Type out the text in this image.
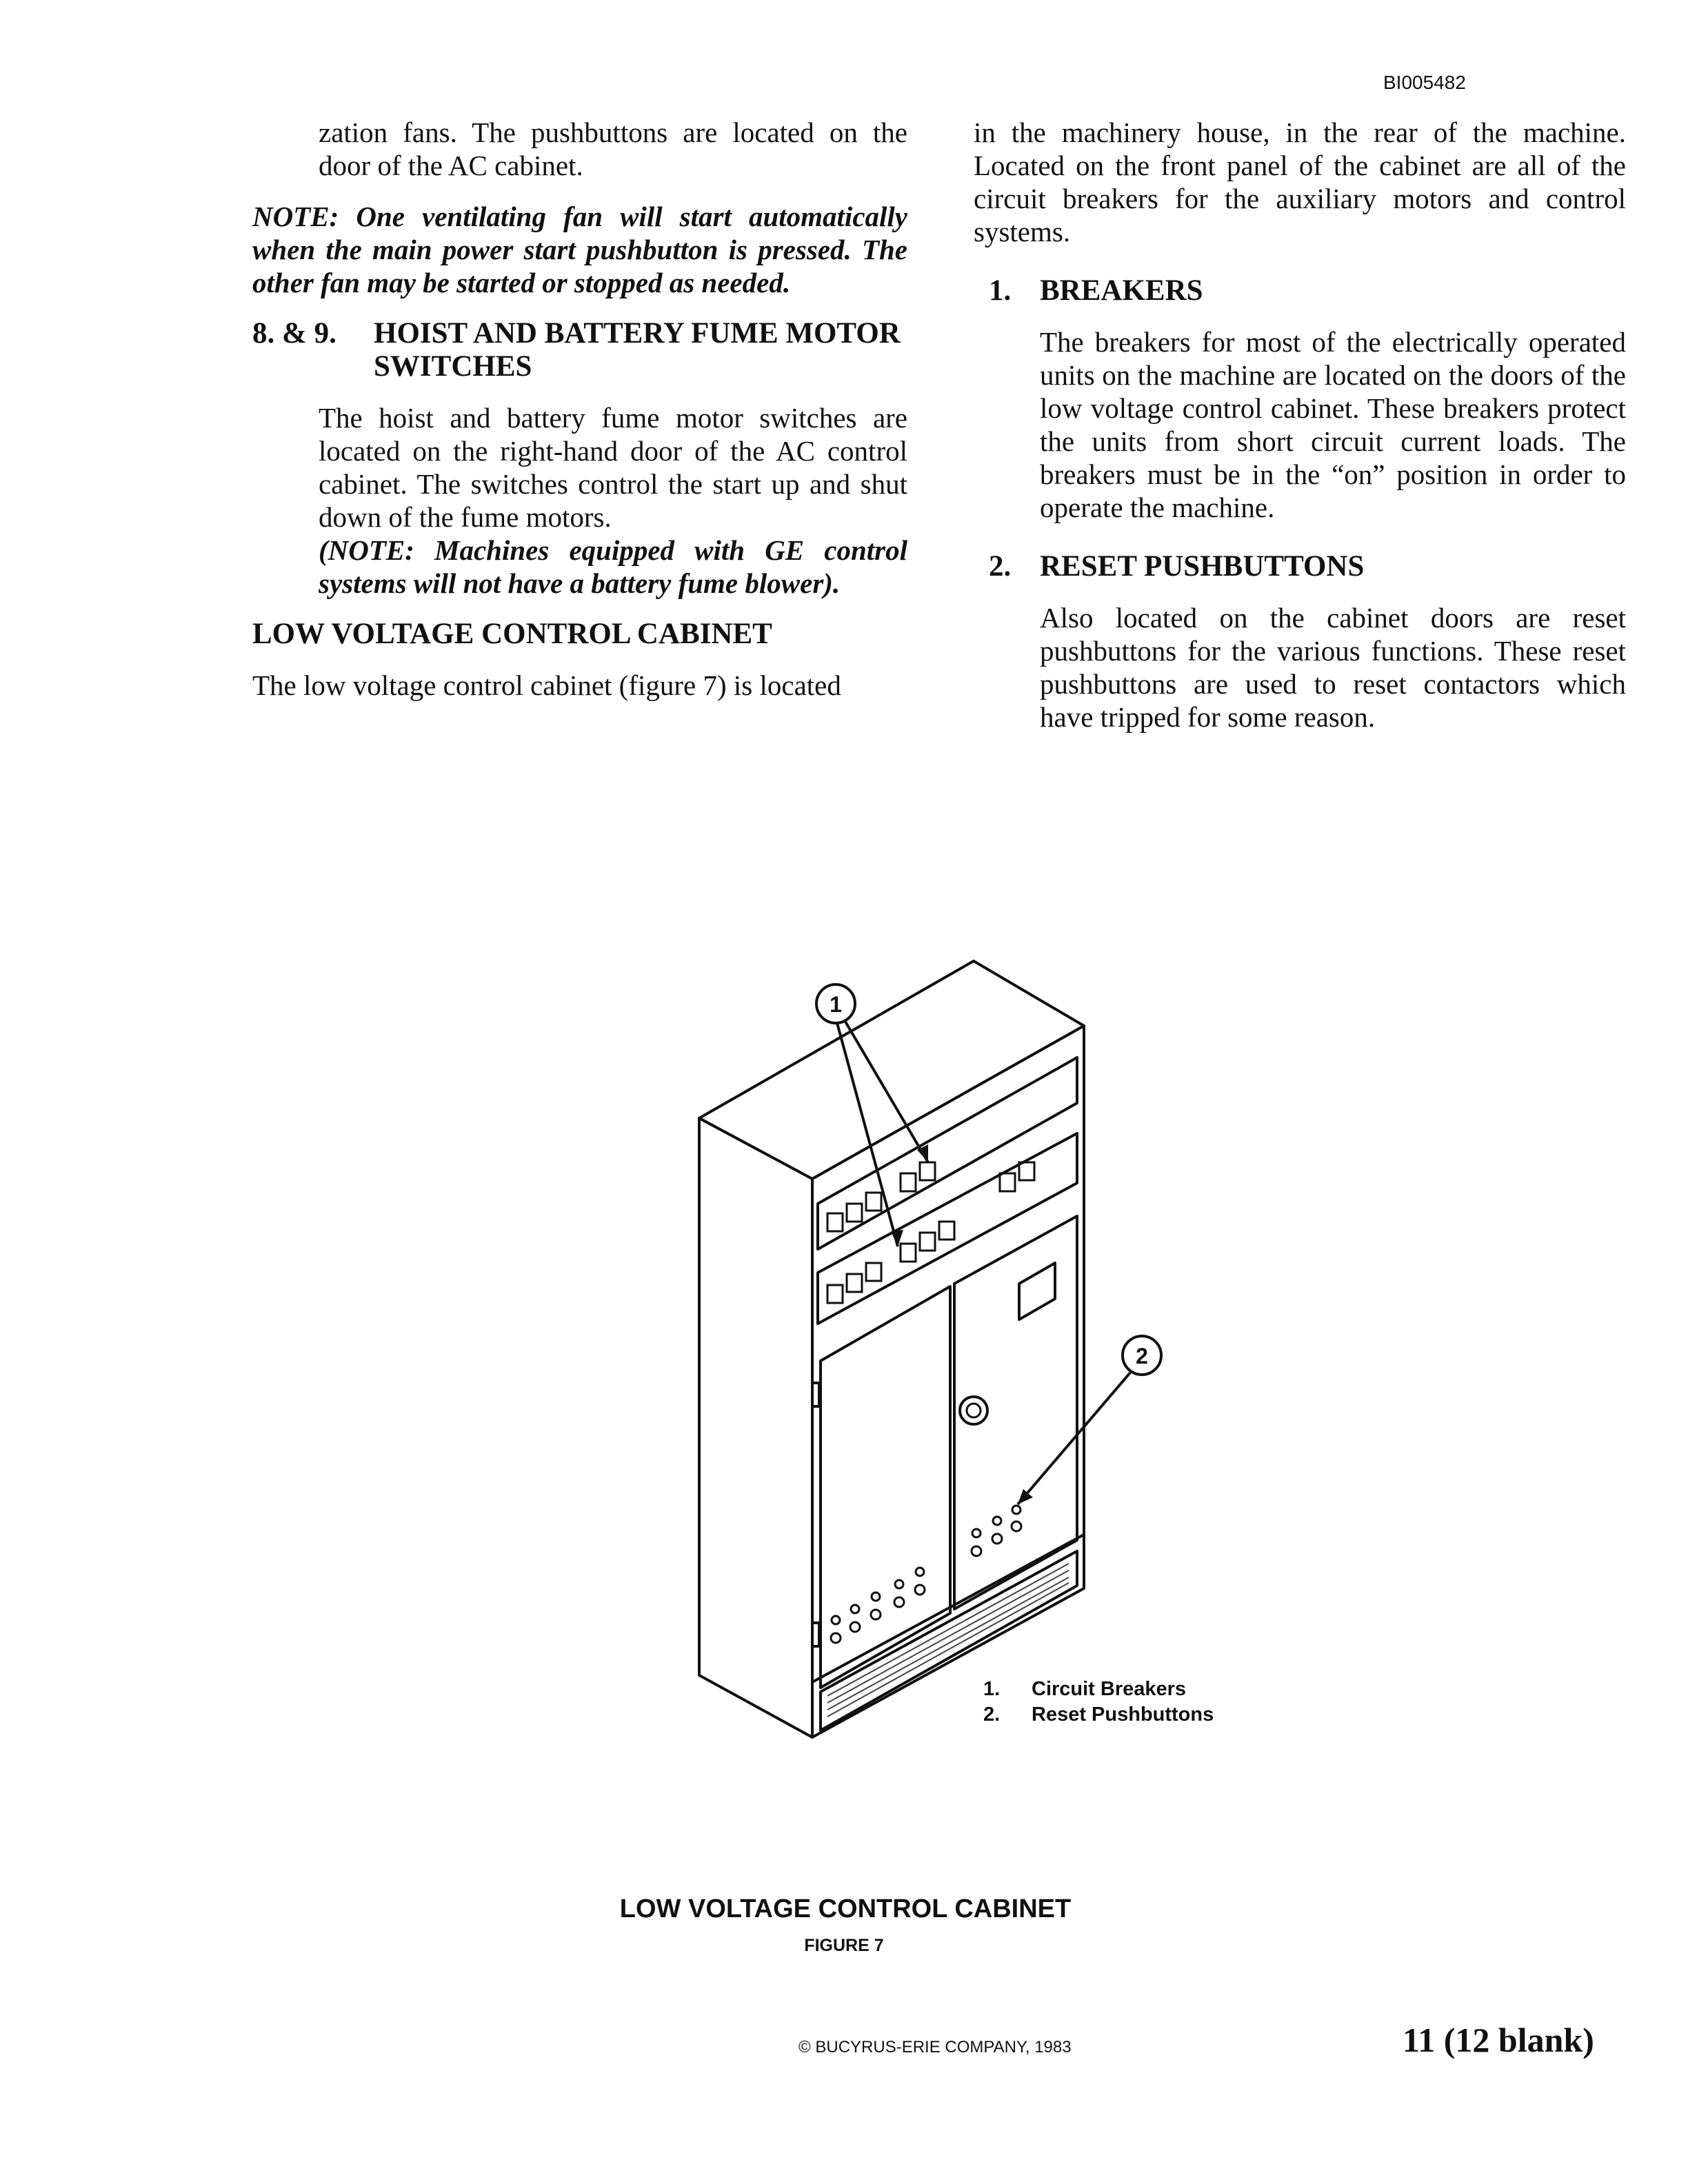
BI005482

zation fans. The pushbuttons are located on the door of the AC cabinet.

NOTE: One ventilating fan will start automatically when the main power start pushbutton is pressed. The other fan may be started or stopped as needed.

8. & 9.	HOIST AND BATTERY FUME MOTOR SWITCHES

The hoist and battery fume motor switches are located on the right-hand door of the AC control cabinet. The switches control the start up and shut down of the fume motors.

(NOTE: Machines equipped with GE control systems will not have a battery fume blower).

LOW VOLTAGE CONTROL CABINET

The low voltage control cabinet (figure 7) is located

in the machinery house, in the rear of the machine. Located on the front panel of the cabinet are all of the circuit breakers for the auxiliary motors and control systems.

1. BREAKERS

The breakers for most of the electrically operated units on the machine are located on the doors of the low voltage control cabinet. These breakers protect the units from short circuit current loads. The breakers must be in the “on” position in order to operate the machine.

2. RESET PUSHBUTTONS

Also located on the cabinet doors are reset pushbuttons for the various functions. These reset pushbuttons are used to reset contactors which have tripped for some reason.

1
2
1.	Circuit Breakers
2.	Reset Pushbuttons
LOW VOLTAGE CONTROL CABINET
FIGURE 7
© BUCYRUS-ERIE COMPANY, 1983	11 (12 blank)
